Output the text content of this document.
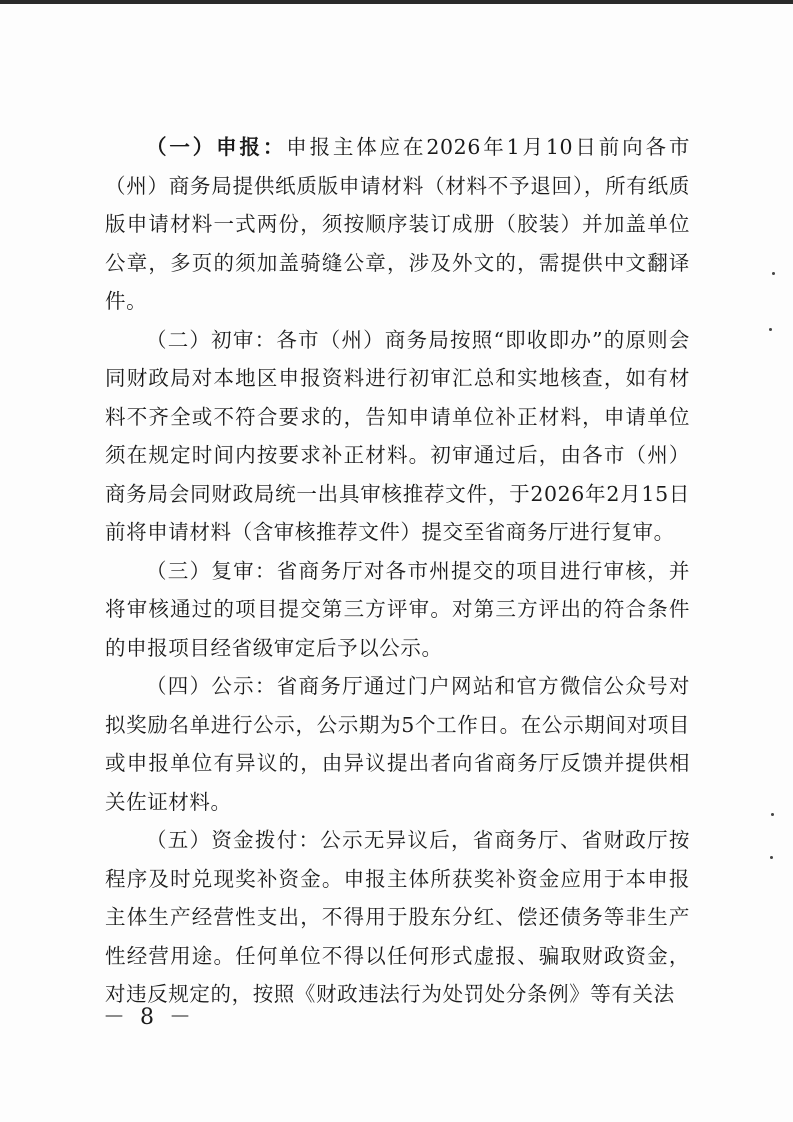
（一）申报：申报主体应在2026年1月10日前向各市（州）商务局提供纸质版申请材料（材料不予退回），所有纸质版申请材料一式两份，须按顺序装订成册（胶装）并加盖单位公章，多页的须加盖骑缝公章，涉及外文的，需提供中文翻译件。

（二）初审：各市（州）商务局按照“即收即办”的原则会同财政局对本地区申报资料进行初审汇总和实地核查，如有材料不齐全或不符合要求的，告知申请单位补正材料，申请单位须在规定时间内按要求补正材料。初审通过后，由各市（州）商务局会同财政局统一出具审核推荐文件，于2026年2月15日前将申请材料（含审核推荐文件）提交至省商务厅进行复审。

（三）复审：省商务厅对各市州提交的项目进行审核，并将审核通过的项目提交第三方评审。对第三方评出的符合条件的申报项目经省级审定后予以公示。

（四）公示：省商务厅通过门户网站和官方微信公众号对拟奖励名单进行公示，公示期为5个工作日。在公示期间对项目或申报单位有异议的，由异议提出者向省商务厅反馈并提供相关佐证材料。

（五）资金拨付：公示无异议后，省商务厅、省财政厅按程序及时兑现奖补资金。申报主体所获奖补资金应用于本申报主体生产经营性支出，不得用于股东分红、偿还债务等非生产性经营用途。任何单位不得以任何形式虚报、骗取财政资金，对违反规定的，按照《财政违法行为处罚处分条例》等有关法

－ 8 －
